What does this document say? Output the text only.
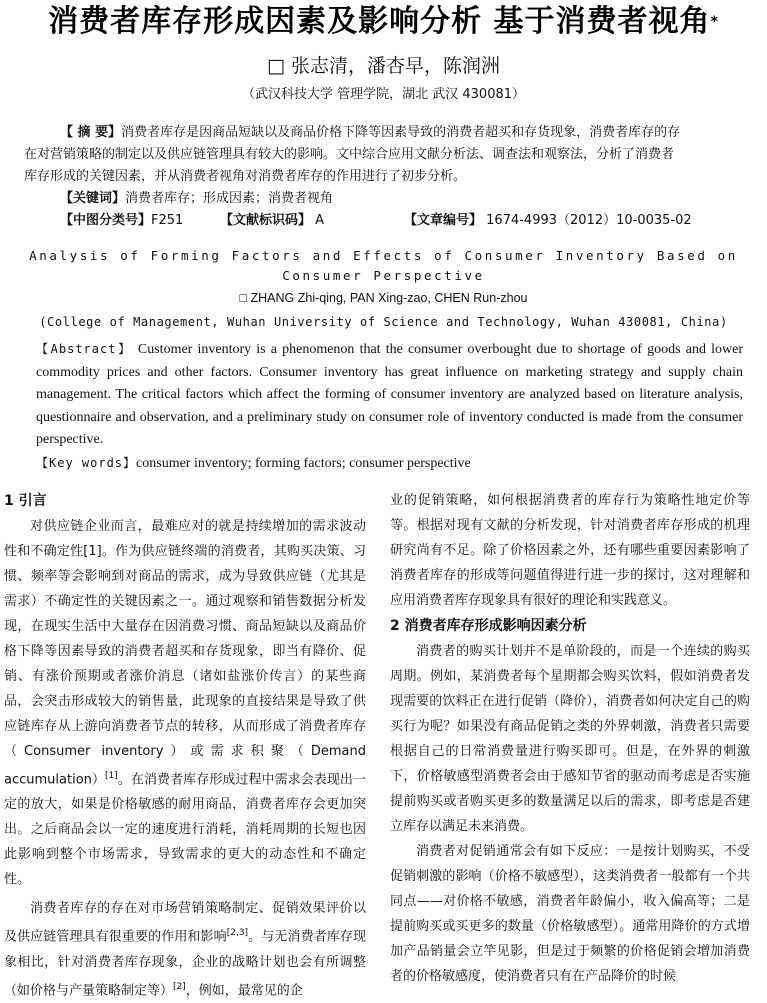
消费者库存形成因素及影响分析 基于消费者视角*
□ 张志清，潘杏早，陈润洲
（武汉科技大学 管理学院，湖北 武汉 430081）

【 摘 要】消费者库存是因商品短缺以及商品价格下降等因素导致的消费者超买和存货现象，消费者库存的存

在对营销策略的制定以及供应链管理具有较大的影响。文中综合应用文献分析法、调查法和观察法，分析了消费者

库存形成的关键因素，并从消费者视角对消费者库存的作用进行了初步分析。

【关键词】消费者库存；形成因素；消费者视角

【中图分类号】F251	【文献标识码】 A	【文章编号】 1674-4993（2012）10-0035-02
Analysis of Forming Factors and Effects of Consumer Inventory Based on Consumer Perspective
□ ZHANG Zhi-qing, PAN Xing-zao, CHEN Run-zhou
(College of Management, Wuhan University of Science and Technology, Wuhan 430081, China)
【Abstract】 Customer inventory is a phenomenon that the consumer overbought due to shortage of goods and lower commodity prices and other factors. Consumer inventory has great influence on marketing strategy and supply chain management. The critical factors which affect the forming of consumer inventory are analyzed based on literature analysis, questionnaire and observation, and a preliminary study on consumer role of inventory conducted is made from the consumer perspective.
【Key words】consumer inventory; forming factors; consumer perspective

1 引言

对供应链企业而言，最难应对的就是持续增加的需求波动性和不确定性[1]。作为供应链终端的消费者，其购买决策、习惯、频率等会影响到对商品的需求，成为导致供应链（尤其是需求）不确定性的关键因素之一。通过观察和销售数据分析发现，在现实生活中大量存在因消费习惯、商品短缺以及商品价格下降等因素导致的消费者超买和存货现象，即当有降价、促销、有涨价预期或者涨价消息（诸如盐涨价传言）的某些商品，会突击形成较大的销售量，此现象的直接结果是导致了供应链库存从上游向消费者节点的转移，从而形成了消费者库存（Consumer inventory）或需求积聚（Demand accumulation）[1]。在消费者库存形成过程中需求会表现出一定的放大，如果是价格敏感的耐用商品，消费者库存会更加突出。之后商品会以一定的速度进行消耗，消耗周期的长短也因此影响到整个市场需求，导致需求的更大的动态性和不确定性。

消费者库存的存在对市场营销策略制定、促销效果评价以及供应链管理具有很重要的作用和影响[2,3]。与无消费者库存现象相比，针对消费者库存现象，企业的战略计划也会有所调整（如价格与产量策略制定等）[2]，例如，最常见的企

业的促销策略，如何根据消费者的库存行为策略性地定价等等。根据对现有文献的分析发现，针对消费者库存形成的机理研究尚有不足。除了价格因素之外，还有哪些重要因素影响了消费者库存的形成等问题值得进行进一步的探讨，这对理解和应用消费者库存现象具有很好的理论和实践意义。

2 消费者库存形成影响因素分析

消费者的购买计划并不是单阶段的，而是一个连续的购买周期。例如，某消费者每个星期都会购买饮料，假如消费者发现需要的饮料正在进行促销（降价），消费者如何决定自己的购买行为呢？如果没有商品促销之类的外界刺激，消费者只需要根据自己的日常消费量进行购买即可。但是，在外界的刺激下，价格敏感型消费者会由于感知节省的驱动而考虑是否实施提前购买或者购买更多的数量满足以后的需求，即考虑是否建立库存以满足未来消费。

消费者对促销通常会有如下反应：一是按计划购买，不受促销刺激的影响（价格不敏感型），这类消费者一般都有一个共同点——对价格不敏感，消费者年龄偏小，收入偏高等；二是提前购买或买更多的数量（价格敏感型）。通常用降价的方式增加产品销量会立竿见影，但是过于频繁的价格促销会增加消费者的价格敏感度，使消费者只有在产品降价的时候
